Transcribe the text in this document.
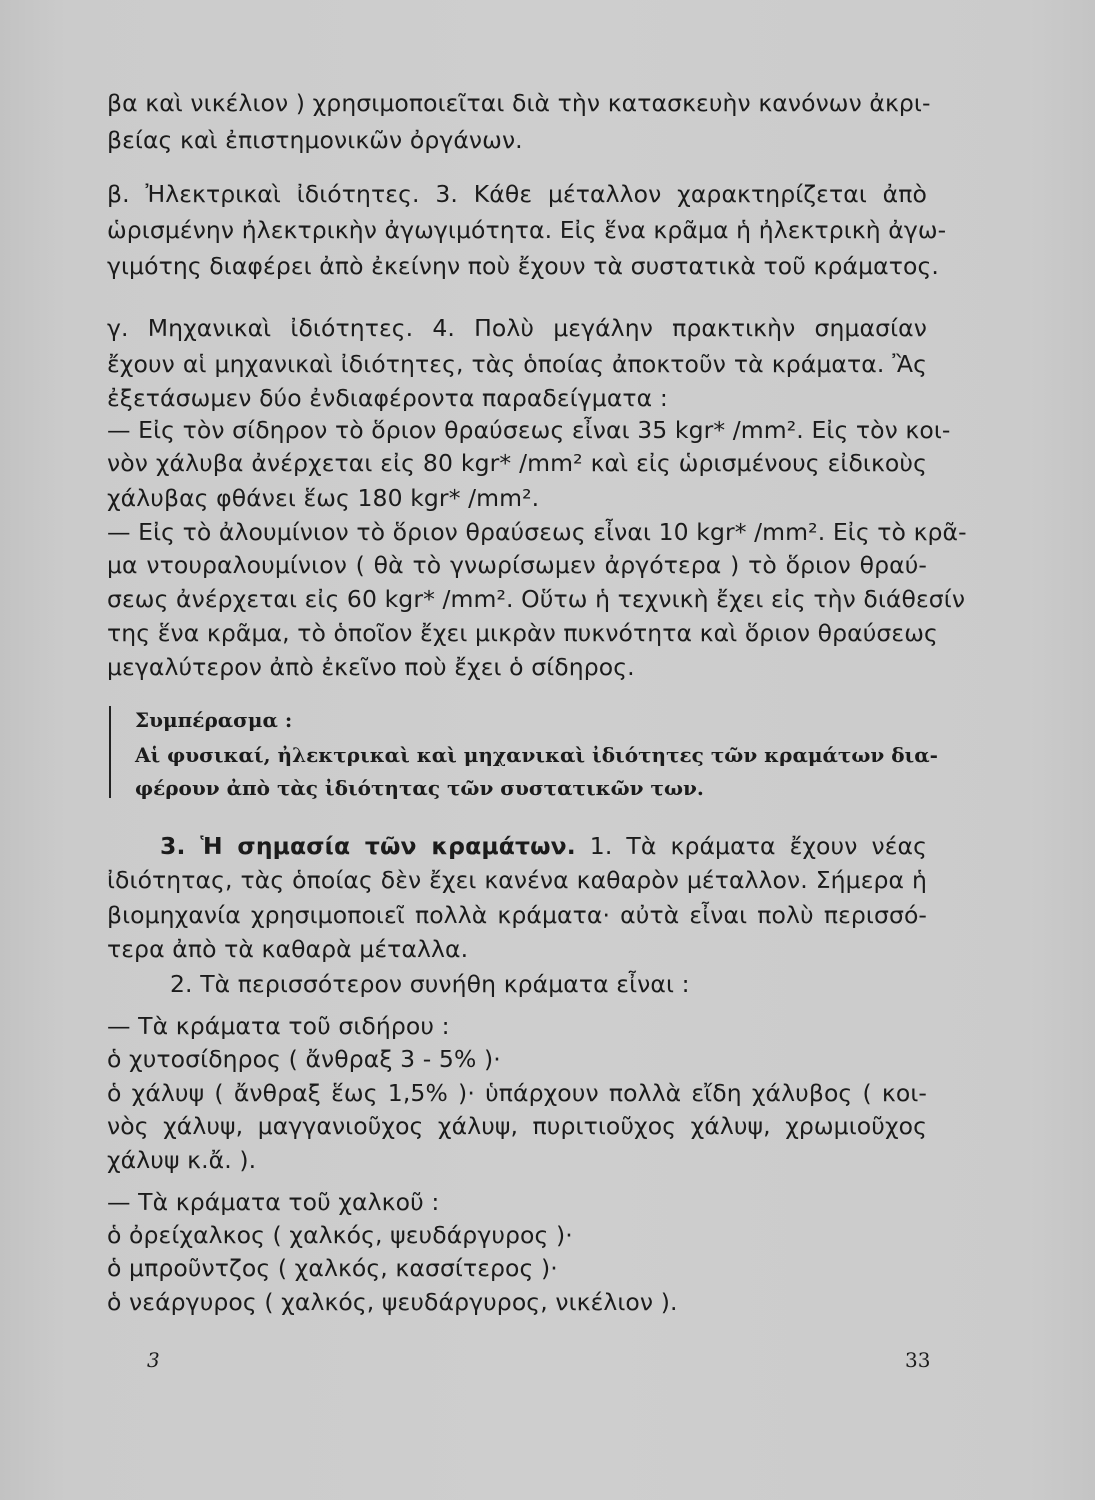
βα καὶ νικέλιον ) χρησιμοποιεῖται διὰ τὴν κατασκευὴν κανόνων ἀκρι-
βείας καὶ ἐπιστημονικῶν ὀργάνων.
β. Ἠλεκτρικαὶ ἰδιότητες. 3. Κάθε μέταλλον χαρακτηρίζεται ἀπὸ
ὡρισμένην ἠλεκτρικὴν ἀγωγιμότητα. Εἰς ἕνα κρᾶμα ἡ ἠλεκτρικὴ ἀγω-
γιμότης διαφέρει ἀπὸ ἐκείνην ποὺ ἔχουν τὰ συστατικὰ τοῦ κράματος.
γ. Μηχανικαὶ ἰδιότητες. 4. Πολὺ μεγάλην πρακτικὴν σημασίαν
ἔχουν αἱ μηχανικαὶ ἰδιότητες, τὰς ὁποίας ἀποκτοῦν τὰ κράματα. Ἂς
ἐξετάσωμεν δύο ἐνδιαφέροντα παραδείγματα :
— Εἰς τὸν σίδηρον τὸ ὅριον θραύσεως εἶναι 35 kgr* /mm². Εἰς τὸν κοι-
νὸν χάλυβα ἀνέρχεται εἰς 80 kgr* /mm² καὶ εἰς ὡρισμένους εἰδικοὺς
χάλυβας φθάνει ἕως 180 kgr* /mm².
— Εἰς τὸ ἀλουμίνιον τὸ ὅριον θραύσεως εἶναι 10 kgr* /mm². Εἰς τὸ κρᾶ-
μα ντουραλουμίνιον ( θὰ τὸ γνωρίσωμεν ἀργότερα ) τὸ ὅριον θραύ-
σεως ἀνέρχεται εἰς 60 kgr* /mm². Οὕτω ἡ τεχνικὴ ἔχει εἰς τὴν διάθεσίν
της ἕνα κρᾶμα, τὸ ὁποῖον ἔχει μικρὰν πυκνότητα καὶ ὅριον θραύσεως
μεγαλύτερον ἀπὸ ἐκεῖνο ποὺ ἔχει ὁ σίδηρος.
Συμπέρασμα :
Αἱ φυσικαί, ἠλεκτρικαὶ καὶ μηχανικαὶ ἰδιότητες τῶν κραμάτων δια-
φέρουν ἀπὸ τὰς ἰδιότητας τῶν συστατικῶν των.
3. Ἡ σημασία τῶν κραμάτων. 1. Τὰ κράματα ἔχουν νέας
ἰδιότητας, τὰς ὁποίας δὲν ἔχει κανένα καθαρὸν μέταλλον. Σήμερα ἡ
βιομηχανία χρησιμοποιεῖ πολλὰ κράματα· αὐτὰ εἶναι πολὺ περισσό-
τερα ἀπὸ τὰ καθαρὰ μέταλλα.
2. Τὰ περισσότερον συνήθη κράματα εἶναι :
— Τὰ κράματα τοῦ σιδήρου :
ὁ χυτοσίδηρος ( ἄνθραξ 3 - 5% )·
ὁ χάλυψ ( ἄνθραξ ἕως 1,5% )· ὑπάρχουν πολλὰ εἴδη χάλυβος ( κοι-
νὸς χάλυψ, μαγγανιοῦχος χάλυψ, πυριτιοῦχος χάλυψ, χρωμιοῦχος
χάλυψ κ.ἄ. ).
— Τὰ κράματα τοῦ χαλκοῦ :
ὁ ὀρείχαλκος ( χαλκός, ψευδάργυρος )·
ὁ μπροῦντζος ( χαλκός, κασσίτερος )·
ὁ νεάργυρος ( χαλκός, ψευδάργυρος, νικέλιον ).
3	33
